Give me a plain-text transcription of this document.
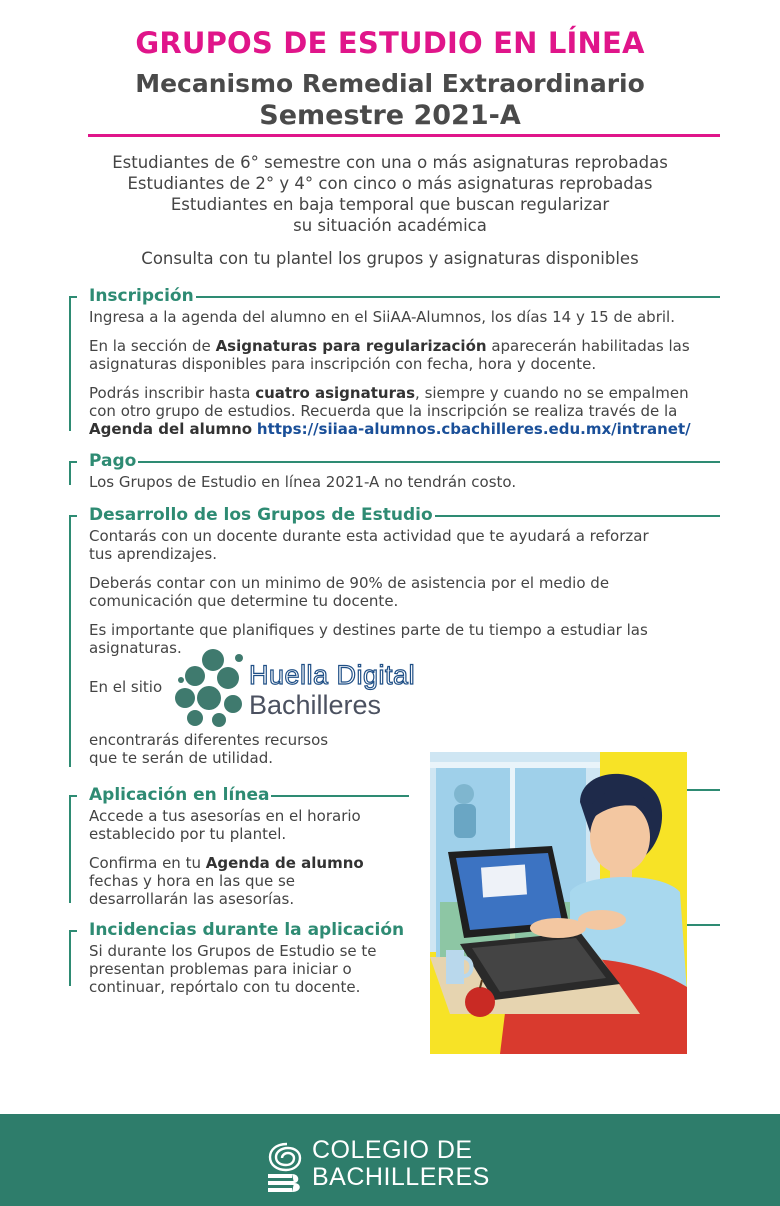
GRUPOS DE ESTUDIO EN LÍNEA
Mecanismo Remedial Extraordinario
Semestre 2021-A
Estudiantes de 6° semestre con una o más asignaturas reprobadas
Estudiantes de 2° y 4° con cinco o más asignaturas reprobadas
Estudiantes en baja temporal que buscan regularizar
su situación académica
Consulta con tu plantel los grupos y asignaturas disponibles
Inscripción

Ingresa a la agenda del alumno en el SiiAA-Alumnos, los días 14 y 15 de abril.

En la sección de Asignaturas para regularización aparecerán habilitadas las asignaturas disponibles para inscripción con fecha, hora y docente.

Podrás inscribir hasta cuatro asignaturas, siempre y cuando no se empalmen con otro grupo de estudios. Recuerda que la inscripción se realiza través de la Agenda del alumno https://siiaa-alumnos.cbachilleres.edu.mx/intranet/

Pago

Los Grupos de Estudio en línea 2021-A no tendrán costo.

Desarrollo de los Grupos de Estudio

Contarás con un docente durante esta actividad que te ayudará a reforzar tus aprendizajes.

Deberás contar con un minimo de 90% de asistencia por el medio de comunicación que determine tu docente.

Es importante que planifiques y destines parte de tu tiempo a estudiar las asignaturas.

En el sitio	Huella Digital
Bachilleres

encontrarás diferentes recursos que te serán de utilidad.

Aplicación en línea

Accede a tus asesorías en el horario establecido por tu plantel.

Confirma en tu Agenda de alumno fechas y hora en las que se desarrollarán las asesorías.

Incidencias durante la aplicación

Si durante los Grupos de Estudio se te presentan problemas para iniciar o continuar, repórtalo con tu docente.

COLEGIO DE
BACHILLERES
